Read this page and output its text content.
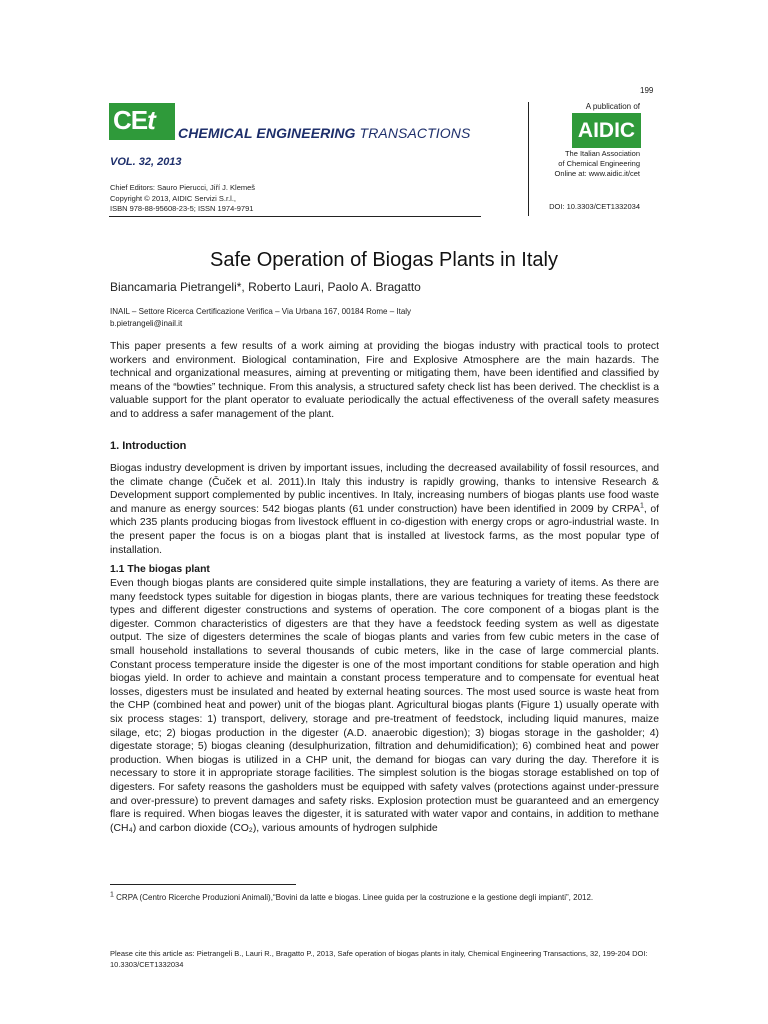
199
CEt CHEMICAL ENGINEERING TRANSACTIONS
VOL. 32, 2013
Chief Editors: Sauro Pierucci, Jiří J. Klemeš
Copyright © 2013, AIDIC Servizi S.r.l.,
ISBN 978-88-95608-23-5; ISSN 1974-9791
A publication of
AIDIC
The Italian Association
of Chemical Engineering
Online at: www.aidic.it/cet
DOI: 10.3303/CET1332034
Safe Operation of Biogas Plants in Italy
Biancamaria Pietrangeli*, Roberto Lauri, Paolo A. Bragatto
INAIL – Settore Ricerca Certificazione Verifica – Via Urbana 167, 00184 Rome – Italy
b.pietrangeli@inail.it
This paper presents a few results of a work aiming at providing the biogas industry with practical tools to protect workers and environment. Biological contamination, Fire and Explosive Atmosphere are the main hazards. The technical and organizational measures, aiming at preventing or mitigating them, have been identified and classified by means of the “bowties” technique. From this analysis, a structured safety check list has been derived. The checklist is a valuable support for the plant operator to evaluate periodically the actual effectiveness of the overall safety measures and to address a safer management of the plant.
1. Introduction
Biogas industry development is driven by important issues, including the decreased availability of fossil resources, and the climate change (Čuček et al. 2011).In Italy this industry is rapidly growing, thanks to intensive Research & Development support complemented by public incentives. In Italy, increasing numbers of biogas plants use food waste and manure as energy sources: 542 biogas plants (61 under construction) have been identified in 2009 by CRPA$^1$, of which 235 plants producing biogas from livestock effluent in co-digestion with energy crops or agro-industrial waste. In the present paper the focus is on a biogas plant that is installed at livestock farms, as the most popular type of installation.
1.1 The biogas plant
Even though biogas plants are considered quite simple installations, they are featuring a variety of items. As there are many feedstock types suitable for digestion in biogas plants, there are various techniques for treating these feedstock types and different digester constructions and systems of operation. The core component of a biogas plant is the digester. Common characteristics of digesters are that they have a feedstock feeding system as well as digestate output. The size of digesters determines the scale of biogas plants and varies from few cubic meters in the case of small household installations to several thousands of cubic meters, like in the case of large commercial plants. Constant process temperature inside the digester is one of the most important conditions for stable operation and high biogas yield. In order to achieve and maintain a constant process temperature and to compensate for eventual heat losses, digesters must be insulated and heated by external heating sources. The most used source is waste heat from the CHP (combined heat and power) unit of the biogas plant. Agricultural biogas plants (Figure 1) usually operate with six process stages: 1) transport, delivery, storage and pre-treatment of feedstock, including liquid manures, maize silage, etc; 2) biogas production in the digester (A.D. anaerobic digestion); 3) biogas storage in the gasholder; 4) digestate storage; 5) biogas cleaning (desulphurization, filtration and dehumidification); 6) combined heat and power production. When biogas is utilized in a CHP unit, the demand for biogas can vary during the day. Therefore it is necessary to store it in appropriate storage facilities. The simplest solution is the biogas storage established on top of digesters. For safety reasons the gasholders must be equipped with safety valves (protections against under-pressure and over-pressure) to prevent damages and safety risks. Explosion protection must be guaranteed and an emergency flare is required. When biogas leaves the digester, it is saturated with water vapor and contains, in addition to methane (CH₄) and carbon dioxide (CO₂), various amounts of hydrogen sulphide
$^1$ CRPA (Centro Ricerche Produzioni Animali),“Bovini da latte e biogas. Linee guida per la costruzione e la gestione degli impianti”, 2012.
Please cite this article as: Pietrangeli B., Lauri R., Bragatto P., 2013, Safe operation of biogas plants in italy, Chemical Engineering Transactions, 32, 199-204 DOI: 10.3303/CET1332034
